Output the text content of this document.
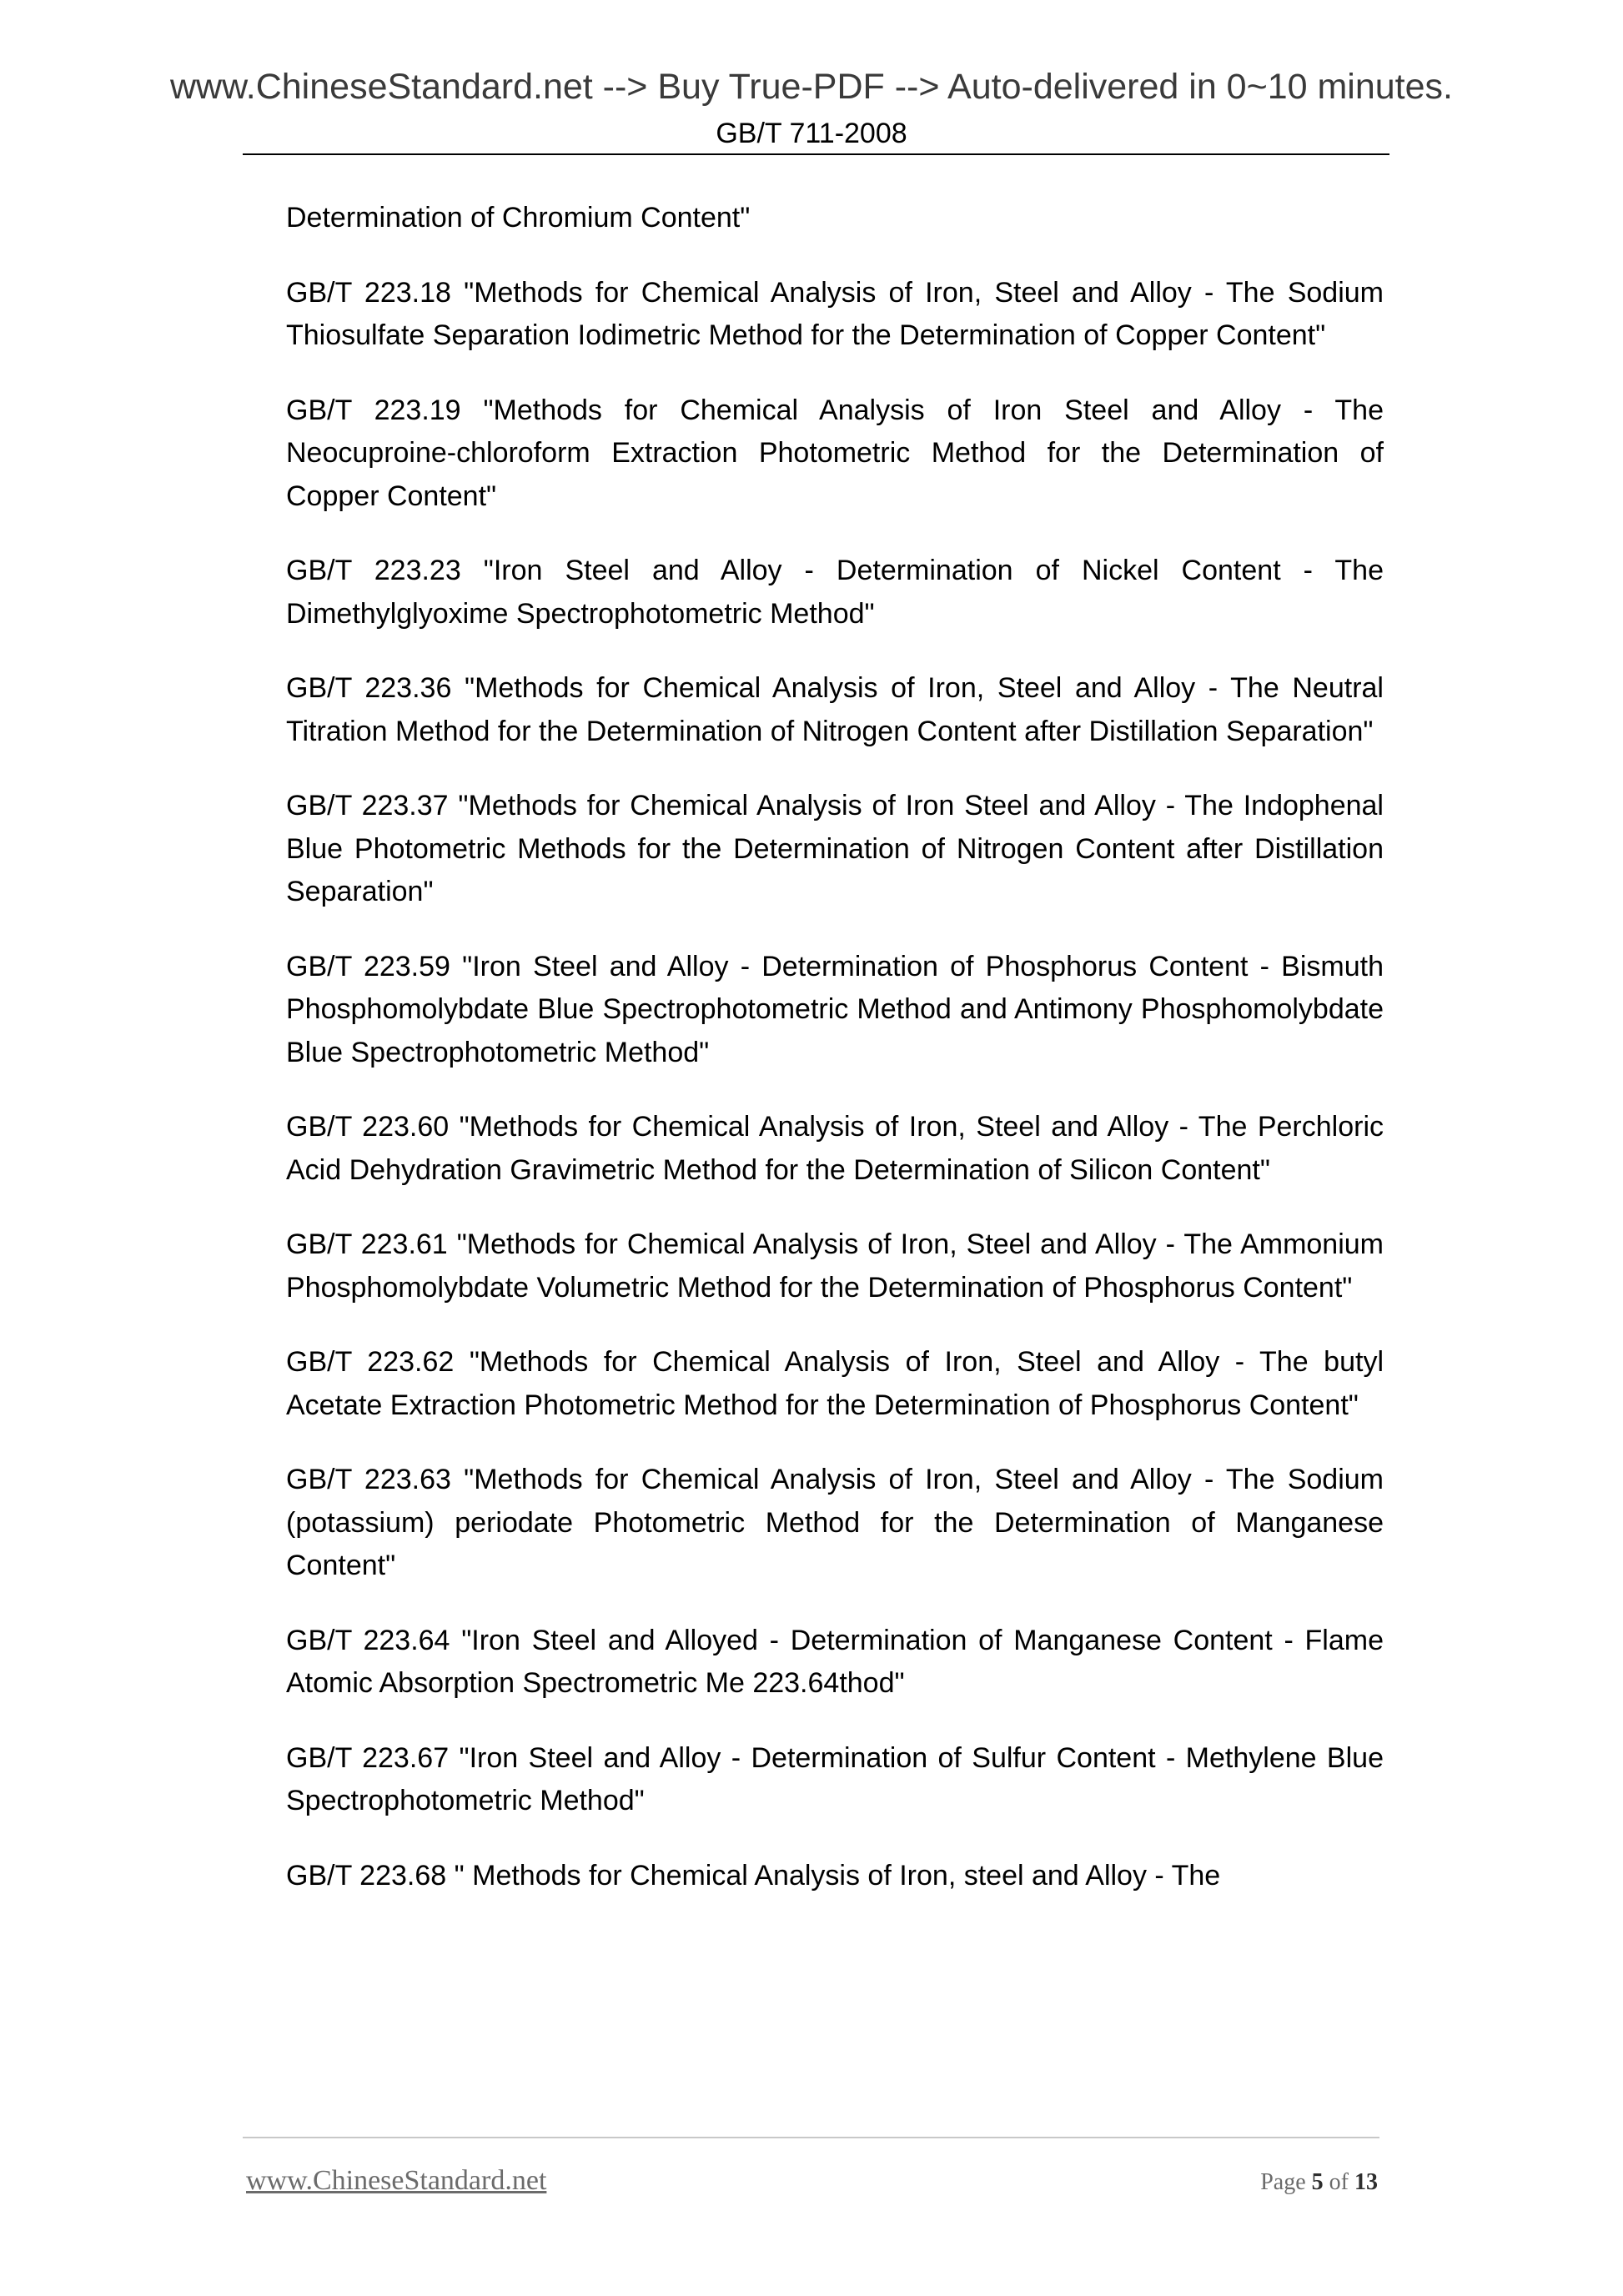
www.ChineseStandard.net --> Buy True-PDF --> Auto-delivered in 0~10 minutes.
GB/T 711-2008

Determination of Chromium Content"

GB/T 223.18 "Methods for Chemical Analysis of Iron, Steel and Alloy - The Sodium Thiosulfate Separation Iodimetric Method for the Determination of Copper Content"

GB/T 223.19 "Methods for Chemical Analysis of Iron Steel and Alloy - The Neocuproine-chloroform Extraction Photometric Method for the Determination of Copper Content"

GB/T 223.23 "Iron Steel and Alloy - Determination of Nickel Content - The Dimethylglyoxime Spectrophotometric Method"

GB/T 223.36 "Methods for Chemical Analysis of Iron, Steel and Alloy - The Neutral Titration Method for the Determination of Nitrogen Content after Distillation Separation"

GB/T 223.37 "Methods for Chemical Analysis of Iron Steel and Alloy - The Indophenal Blue Photometric Methods for the Determination of Nitrogen Content after Distillation Separation"

GB/T 223.59 "Iron Steel and Alloy - Determination of Phosphorus Content - Bismuth Phosphomolybdate Blue Spectrophotometric Method and Antimony Phosphomolybdate Blue Spectrophotometric Method"

GB/T 223.60 "Methods for Chemical Analysis of Iron, Steel and Alloy - The Perchloric Acid Dehydration Gravimetric Method for the Determination of Silicon Content"

GB/T 223.61 "Methods for Chemical Analysis of Iron, Steel and Alloy - The Ammonium Phosphomolybdate Volumetric Method for the Determination of Phosphorus Content"

GB/T 223.62 "Methods for Chemical Analysis of Iron, Steel and Alloy - The butyl Acetate Extraction Photometric Method for the Determination of Phosphorus Content"

GB/T 223.63 "Methods for Chemical Analysis of Iron, Steel and Alloy - The Sodium (potassium) periodate Photometric Method for the Determination of Manganese Content"

GB/T 223.64 "Iron Steel and Alloyed - Determination of Manganese Content - Flame Atomic Absorption Spectrometric Me 223.64thod"

GB/T 223.67 "Iron Steel and Alloy - Determination of Sulfur Content - Methylene Blue Spectrophotometric Method"

GB/T 223.68 " Methods for Chemical Analysis of Iron, steel and Alloy - The

www.ChineseStandard.net	Page 5 of 13
